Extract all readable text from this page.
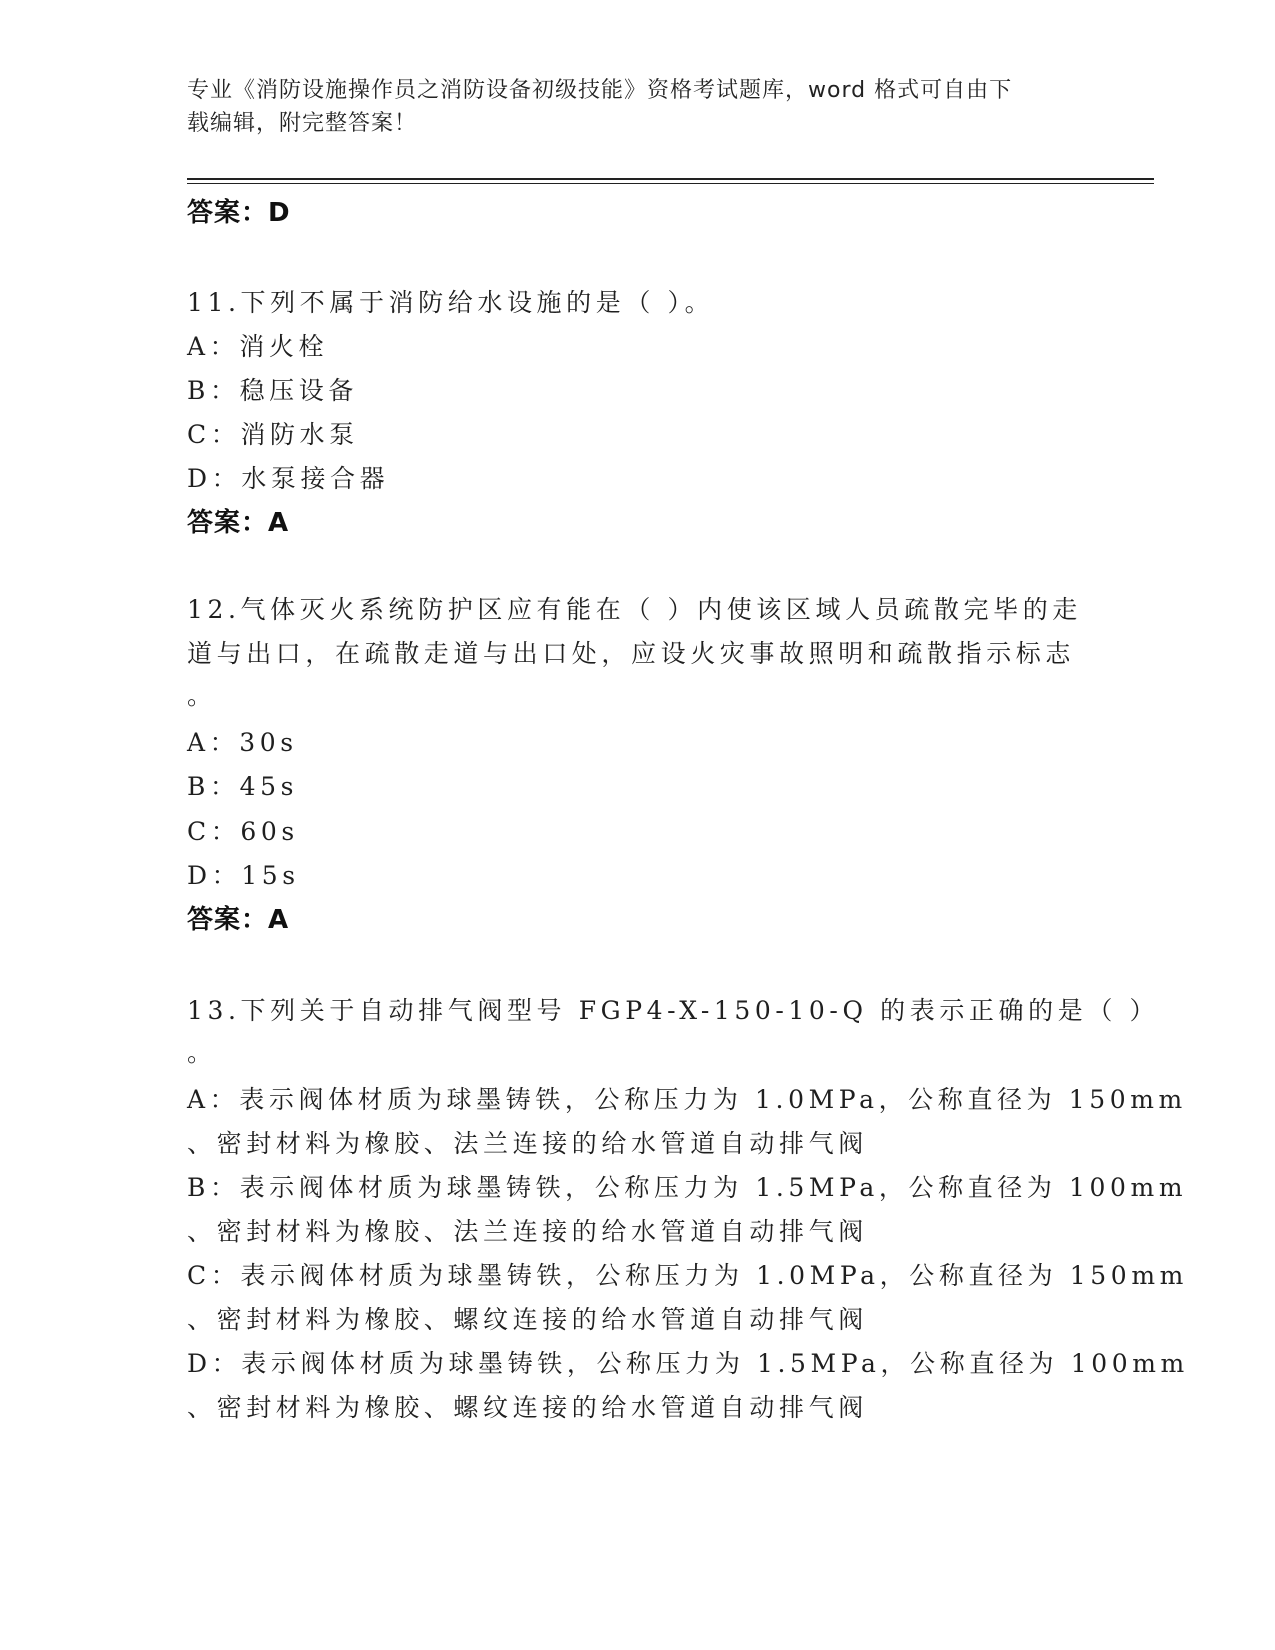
专业《消防设施操作员之消防设备初级技能》资格考试题库，word 格式可自由下
载编辑，附完整答案！
答案：D
11.下列不属于消防给水设施的是（ ）。
A：消火栓
B：稳压设备
C：消防水泵
D：水泵接合器
答案：A
12.气体灭火系统防护区应有能在（ ）内使该区域人员疏散完毕的走
道与出口，在疏散走道与出口处，应设火灾事故照明和疏散指示标志
。
A：30s
B：45s
C：60s
D：15s
答案：A
13.下列关于自动排气阀型号 FGP4-X-150-10-Q 的表示正确的是（ ）
。
A：表示阀体材质为球墨铸铁，公称压力为 1.0MPa，公称直径为 150mm
、密封材料为橡胶、法兰连接的给水管道自动排气阀
B：表示阀体材质为球墨铸铁，公称压力为 1.5MPa，公称直径为 100mm
、密封材料为橡胶、法兰连接的给水管道自动排气阀
C：表示阀体材质为球墨铸铁，公称压力为 1.0MPa，公称直径为 150mm
、密封材料为橡胶、螺纹连接的给水管道自动排气阀
D：表示阀体材质为球墨铸铁，公称压力为 1.5MPa，公称直径为 100mm
、密封材料为橡胶、螺纹连接的给水管道自动排气阀
